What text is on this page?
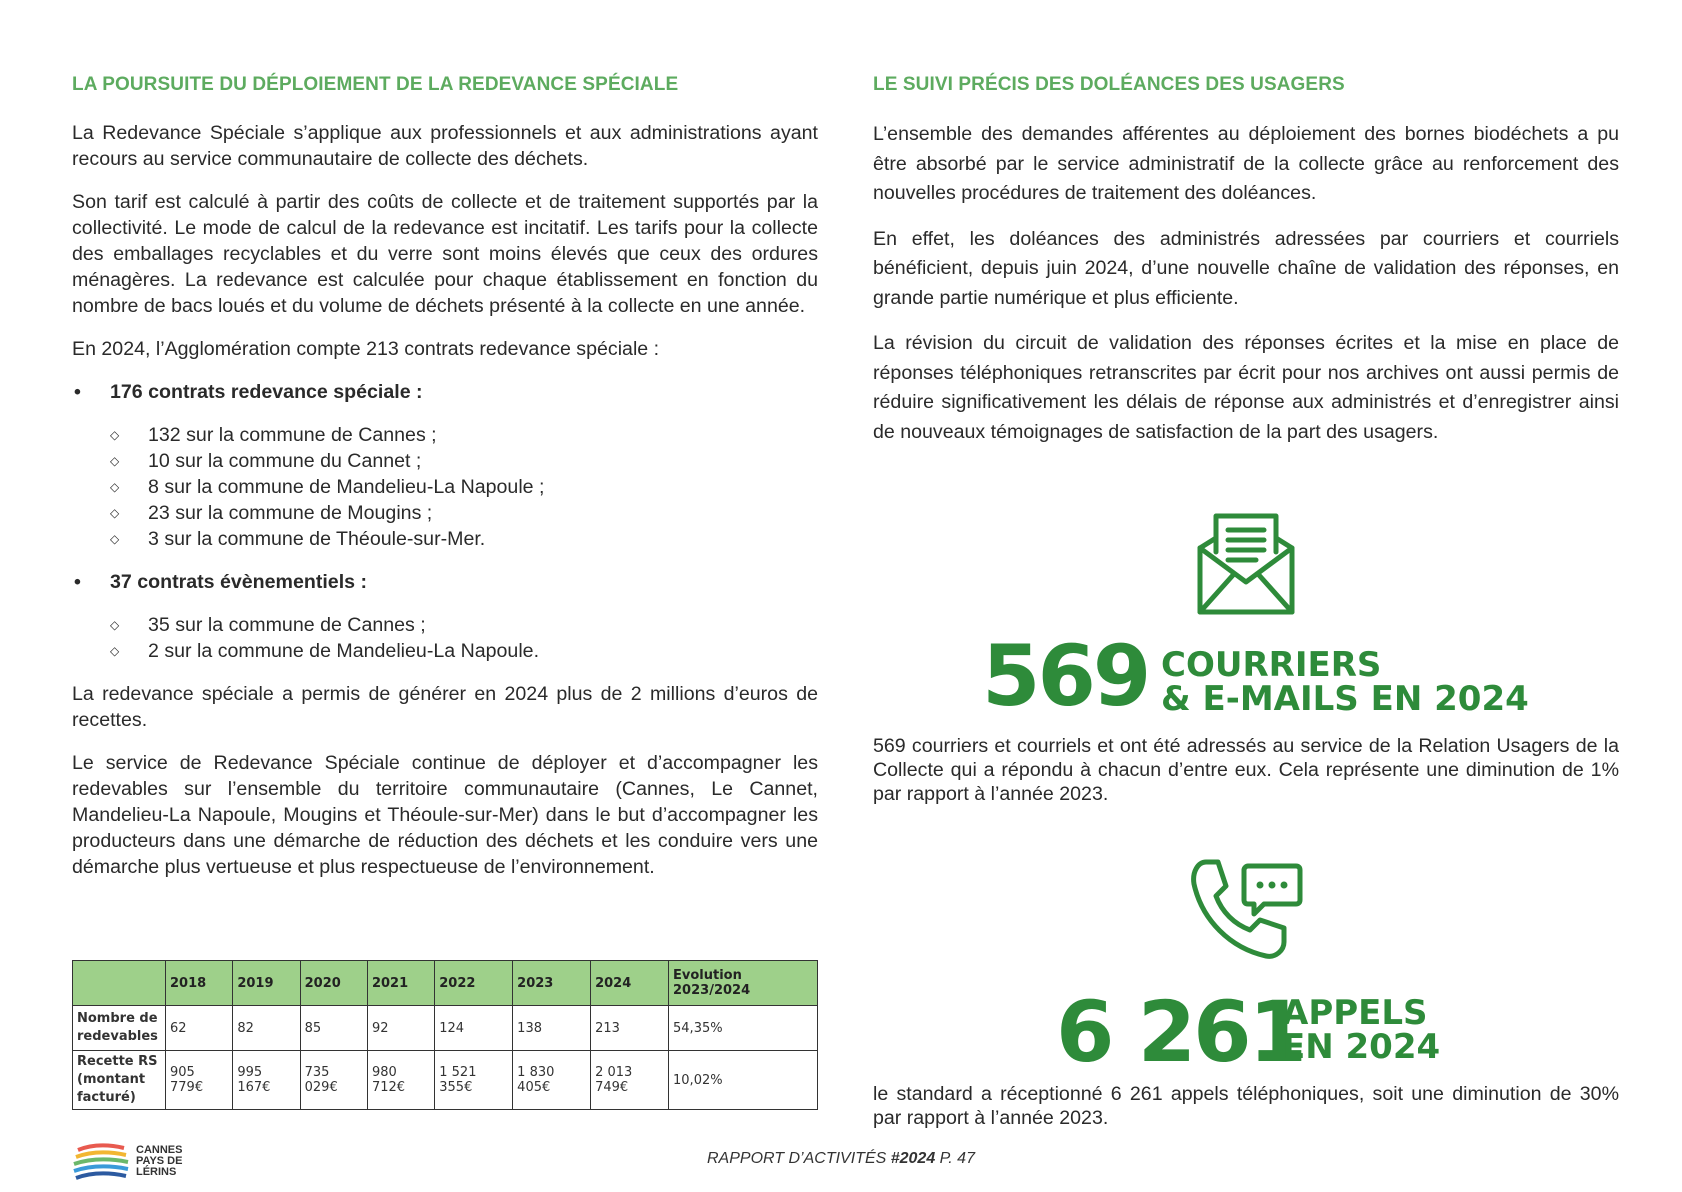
LA POURSUITE DU DÉPLOIEMENT DE LA REDEVANCE SPÉCIALE

La Redevance Spéciale s’applique aux professionnels et aux administrations ayant recours au service communautaire de collecte des déchets.

Son tarif est calculé à partir des coûts de collecte et de traitement supportés par la collectivité. Le mode de calcul de la redevance est incitatif. Les tarifs pour la collecte des emballages recyclables et du verre sont moins élevés que ceux des ordures ménagères. La redevance est calculée pour chaque établissement en fonction du nombre de bacs loués et du volume de déchets présenté à la collecte en une année.

En 2024, l’Agglomération compte 213 contrats redevance spéciale :

•	176 contrats redevance spéciale :
◇	132 sur la commune de Cannes ;
◇	10 sur la commune du Cannet ;
◇	8 sur la commune de Mandelieu-La Napoule ;
◇	23 sur la commune de Mougins ;
◇	3 sur la commune de Théoule-sur-Mer.
•	37 contrats évènementiels :
◇	35 sur la commune de Cannes ;
◇	2 sur la commune de Mandelieu-La Napoule.

La redevance spéciale a permis de générer en 2024 plus de 2 millions d’euros de recettes.

Le service de Redevance Spéciale continue de déployer et d’accompagner les redevables sur l’ensemble du territoire communautaire (Cannes, Le Cannet, Mandelieu-La Napoule, Mougins et Théoule-sur-Mer) dans le but d’accompagner les producteurs dans une démarche de réduction des déchets et les conduire vers une démarche plus vertueuse et plus respectueuse de l’environnement.

	2018	2019	2020	2021	2022	2023	2024	Evolution 2023/2024
Nombre de redevables	62	82	85	92	124	138	213	54,35%
Recette RS (montant facturé)	905 779€	995 167€	735 029€	980 712€	1 521 355€	1 830 405€	2 013 749€	10,02%
LE SUIVI PRÉCIS DES DOLÉANCES DES USAGERS

L’ensemble des demandes afférentes au déploiement des bornes biodéchets a pu être absorbé par le service administratif de la collecte grâce au renforcement des nouvelles procédures de traitement des doléances.

En effet, les doléances des administrés adressées par courriers et courriels bénéficient, depuis juin 2024, d’une nouvelle chaîne de validation des réponses, en grande partie numérique et plus efficiente.

La révision du circuit de validation des réponses écrites et la mise en place de réponses téléphoniques retranscrites par écrit pour nos archives ont aussi permis de réduire significativement les délais de réponse aux administrés et d’enregistrer ainsi de nouveaux témoignages de satisfaction de la part des usagers.

569 COURRIERS
& E-MAILS EN 2024
569 courriers et courriels et ont été adressés au service de la Relation Usagers de la Collecte qui a répondu à chacun d’entre eux. Cela représente une diminution de 1% par rapport à l’année 2023.
6 261
APPELS
EN 2024
le standard a réceptionné 6 261 appels téléphoniques, soit une diminution de 30% par rapport à l’année 2023.
CANNES
PAYS DE
LÉRINS
RAPPORT D’ACTIVITÉS #2024 P. 47
